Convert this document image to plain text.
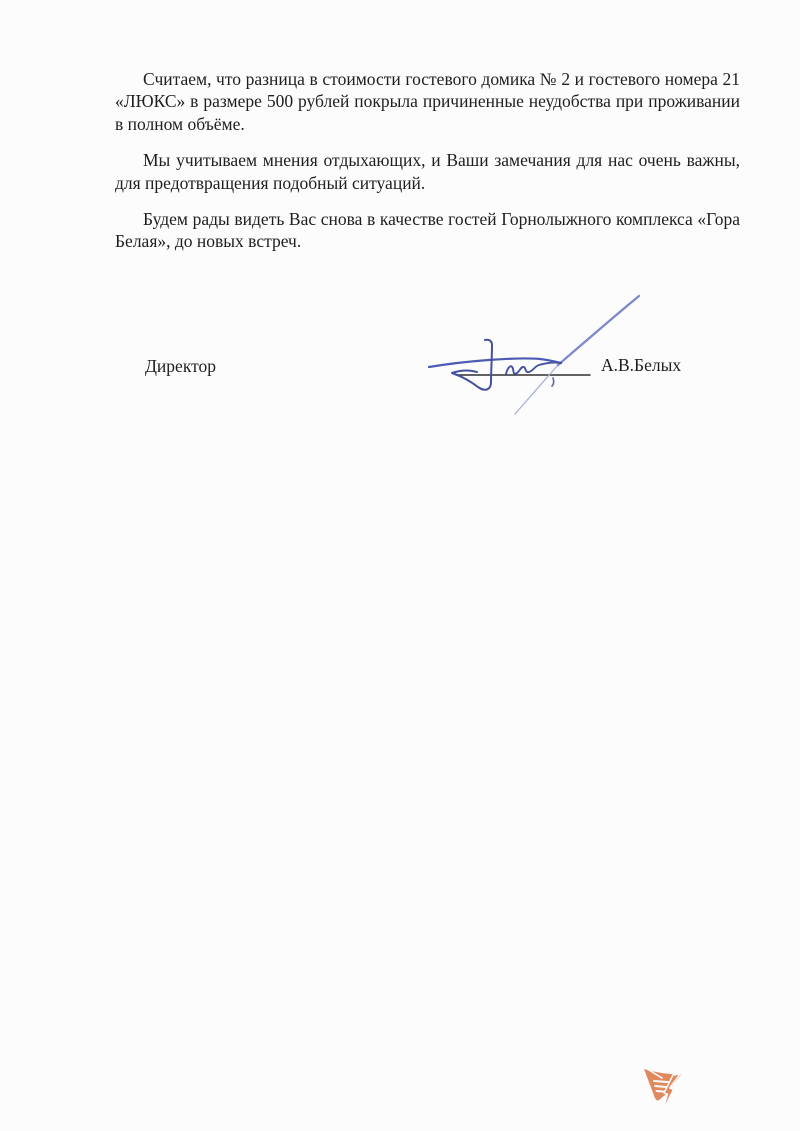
Считаем, что разница в стоимости гостевого домика № 2 и гостевого номера 21 «ЛЮКС» в размере 500 рублей покрыла причиненные неудобства при проживании в полном объёме.

Мы учитываем мнения отдыхающих, и Ваши замечания для нас очень важны, для предотвращения подобный ситуаций.

Будем рады видеть Вас снова в качестве гостей Горнолыжного комплекса «Гора Белая», до новых встреч.

Директор	А.В.Белых
